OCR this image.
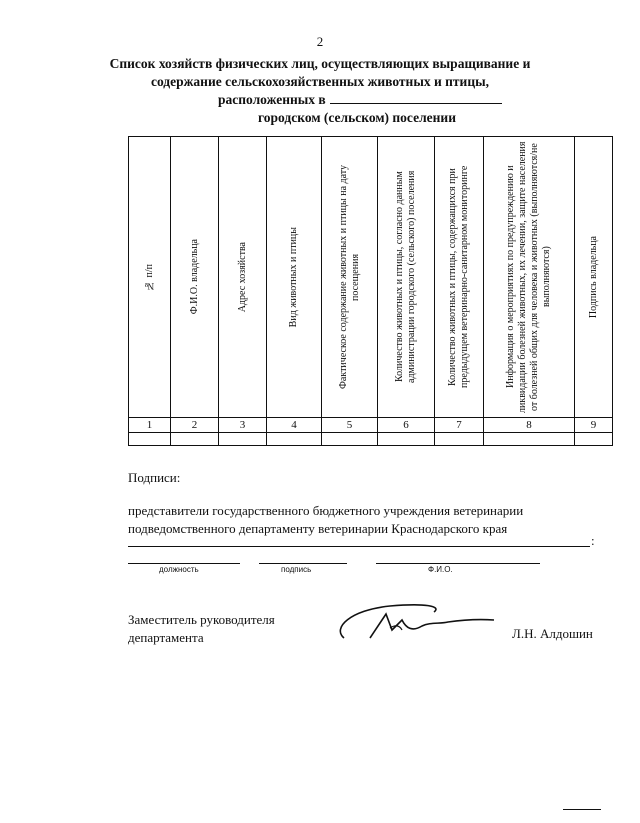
2
Список хозяйств физических лиц, осуществляющих выращивание и
содержание сельскохозяйственных животных и птицы,
расположенных в
городском (сельском) поселении
№ п/п	Ф.И.О. владельца	Адрес хозяйства	Вид животных и птицы	Фактическое содержание животных и птицы на дату посещения	Количество животных и птицы, согласно данным администрации городского (сельского) поселения	Количество животных и птицы, содержащихся при предыдущем ветеринарно-санитарном мониторинге	Информация о мероприятиях по предупреждению и ликвидации болезней животных, их лечении, защите населения от болезней общих для человека и животных (выполняются/не выполняются)	Подпись владельца

1	2	3	4	5	6	7	8	9

Подписи:
представители государственного бюджетного учреждения ветеринарии
подведомственного департаменту ветеринарии Краснодарского края
:
должность	подпись	Ф.И.О.
Заместитель руководителя
департамента	Л.Н. Алдошин
